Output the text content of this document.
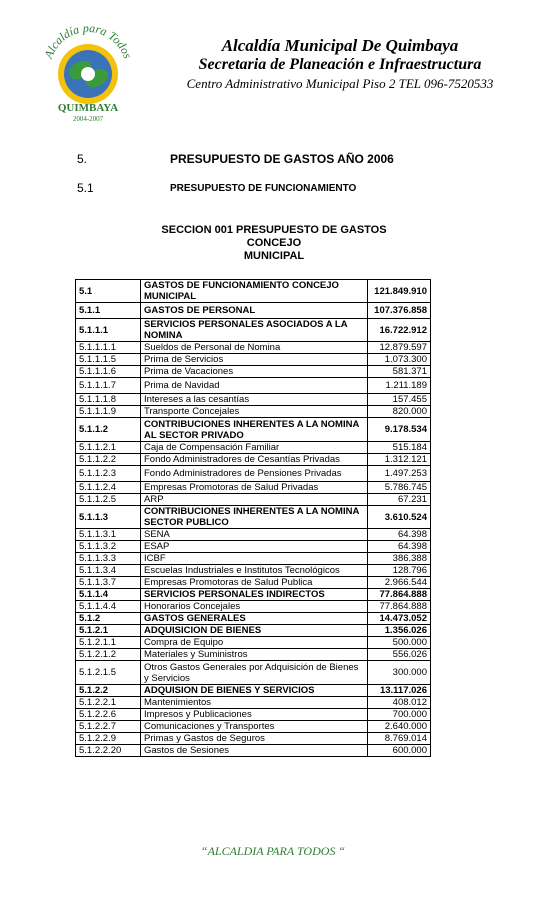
Alcaldía para Todos
QUIMBAYA
2004-2007
Alcaldía Municipal De Quimbaya
Secretaria de Planeación e Infraestructura
Centro Administrativo Municipal Piso 2 TEL 096-7520533
5.	PRESUPUESTO DE GASTOS AÑO 2006
5.1	PRESUPUESTO DE FUNCIONAMIENTO
SECCION 001 PRESUPUESTO DE GASTOS CONCEJO
MUNICIPAL
5.1	GASTOS DE FUNCIONAMIENTO CONCEJO MUNICIPAL	121.849.910
5.1.1	GASTOS DE PERSONAL	107.376.858
5.1.1.1	SERVICIOS PERSONALES ASOCIADOS A LA NOMINA	16.722.912
5.1.1.1.1	Sueldos de Personal de Nomina	12.879.597
5.1.1.1.5	Prima de Servicios	1.073.300
5.1.1.1.6	Prima de Vacaciones	581.371
5.1.1.1.7	Prima de Navidad	1.211.189
5.1.1.1.8	Intereses a las cesantías	157.455
5.1.1.1.9	Transporte Concejales	820.000
5.1.1.2	CONTRIBUCIONES INHERENTES A LA NOMINA AL SECTOR PRIVADO	9.178.534
5.1.1.2.1	Caja de Compensación Familiar	515.184
5.1.1.2.2	Fondo Administradores de Cesantías Privadas	1.312.121
5.1.1.2.3	Fondo Administradores de Pensiones Privadas	1.497.253
5.1.1.2.4	Empresas Promotoras de Salud Privadas	5.786.745
5.1.1.2.5	ARP	67.231
5.1.1.3	CONTRIBUCIONES INHERENTES A LA NOMINA SECTOR PUBLICO	3.610.524
5.1.1.3.1	SENA	64.398
5.1.1.3.2	ESAP	64.398
5.1.1.3.3	ICBF	386.388
5.1.1.3.4	Escuelas Industriales e Institutos Tecnológicos	128.796
5.1.1.3.7	Empresas Promotoras de Salud Publica	2.966.544
5.1.1.4	SERVICIOS PERSONALES INDIRECTOS	77.864.888
5.1.1.4.4	Honorarios Concejales	77.864.888
5.1.2	GASTOS GENERALES	14.473.052
5.1.2.1	ADQUISICION DE BIENES	1.356.026
5.1.2.1.1	Compra de Equipo	500.000
5.1.2.1.2	Materiales y Suministros	556.026
5.1.2.1.5	Otros Gastos Generales por Adquisición de Bienes y Servicios	300.000
5.1.2.2	ADQUISION DE BIENES Y SERVICIOS	13.117.026
5.1.2.2.1	Mantenimientos	408.012
5.1.2.2.6	Impresos y Publicaciones	700.000
5.1.2.2.7	Comunicaciones y Transportes	2.640.000
5.1.2.2.9	Primas y Gastos de Seguros	8.769.014
5.1.2.2.20	Gastos de Sesiones	600.000
“ALCALDIA PARA TODOS “
